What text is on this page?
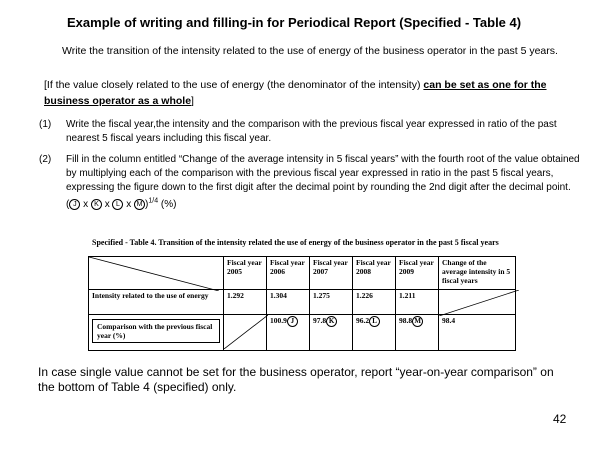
Example of writing and filling-in for Periodical Report (Specified - Table 4)
Write the transition of the intensity related to the use of energy of the business operator in the past 5 years.
[If the value closely related to the use of energy (the denominator of the intensity) can be set as one for the business operator as a whole]
(1) Write the fiscal year,the intensity and the comparison with the previous fiscal year expressed in ratio of the past nearest 5 fiscal years including this fiscal year.
(2) Fill in the column entitled “Change of the average intensity in 5 fiscal years” with the fourth root of the value obtained by multiplying each of the comparison with the previous fiscal year expressed in ratio in the past 5 fiscal years, expressing the figure down to the first digit after the decimal point by rounding the 2nd digit after the decimal point.
( J x K x L x M )$^{1/4}$ (%)
Specified - Table 4. Transition of the intensity related the use of energy of the business operator in the past 5 fiscal years
	Fiscal year 2005	Fiscal year 2006	Fiscal year 2007	Fiscal year 2008	Fiscal year 2009	Change of the average intensity in 5 fiscal years
Intensity related to the use of energy	1.292	1.304	1.275	1.226	1.211	

Comparison with the previous fiscal year (%)		100.9 J	97.8 K	96.2 L	98.8 M	98.4
In case single value cannot be set for the business operator, report “year-on-year comparison” on the bottom of Table 4 (specified) only.
42
